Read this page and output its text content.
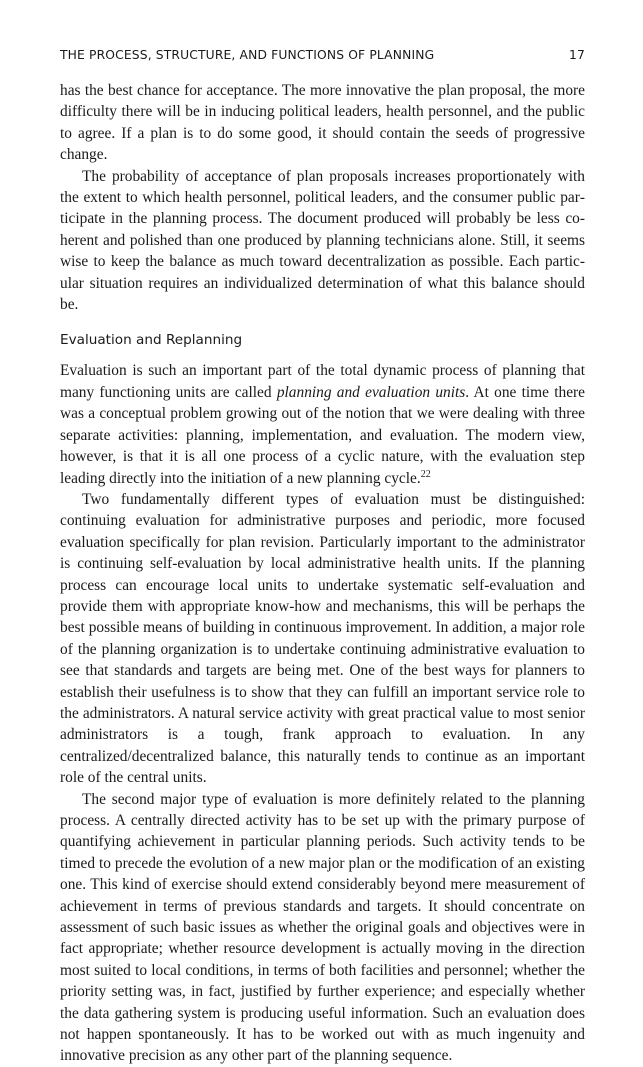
THE PROCESS, STRUCTURE, AND FUNCTIONS OF PLANNING	17

has the best chance for acceptance. The more innovative the plan proposal, the more difficulty there will be in inducing political leaders, health personnel, and the public to agree. If a plan is to do some good, it should contain the seeds of progressive change.

The probability of acceptance of plan proposals increases proportionately with the extent to which health personnel, political leaders, and the consumer public participate in the planning process. The document produced will probably be less coherent and polished than one produced by planning technicians alone. Still, it seems wise to keep the balance as much toward decentralization as possible. Each particular situation requires an individualized determination of what this balance should be.

Evaluation and Replanning

Evaluation is such an important part of the total dynamic process of planning that many functioning units are called planning and evaluation units. At one time there was a conceptual problem growing out of the notion that we were dealing with three separate activities: planning, implementation, and evaluation. The modern view, however, is that it is all one process of a cyclic nature, with the evaluation step leading directly into the initiation of a new planning cycle.$^{22}$

Two fundamentally different types of evaluation must be distinguished: continuing evaluation for administrative purposes and periodic, more focused evaluation specifically for plan revision. Particularly important to the administrator is continuing self-evaluation by local administrative health units. If the planning process can encourage local units to undertake systematic self-evaluation and provide them with appropriate know-how and mechanisms, this will be perhaps the best possible means of building in continuous improvement. In addition, a major role of the planning organization is to undertake continuing administrative evaluation to see that standards and targets are being met. One of the best ways for planners to establish their usefulness is to show that they can fulfill an important service role to the administrators. A natural service activity with great practical value to most senior administrators is a tough, frank approach to evaluation. In any centralized/decentralized balance, this naturally tends to continue as an important role of the central units.

The second major type of evaluation is more definitely related to the planning process. A centrally directed activity has to be set up with the primary purpose of quantifying achievement in particular planning periods. Such activity tends to be timed to precede the evolution of a new major plan or the modification of an existing one. This kind of exercise should extend considerably beyond mere measurement of achievement in terms of previous standards and targets. It should concentrate on assessment of such basic issues as whether the original goals and objectives were in fact appropriate; whether resource development is actually moving in the direction most suited to local conditions, in terms of both facilities and personnel; whether the priority setting was, in fact, justified by further experience; and especially whether the data gathering system is producing useful information. Such an evaluation does not happen spontaneously. It has to be worked out with as much ingenuity and innovative precision as any other part of the planning sequence.
